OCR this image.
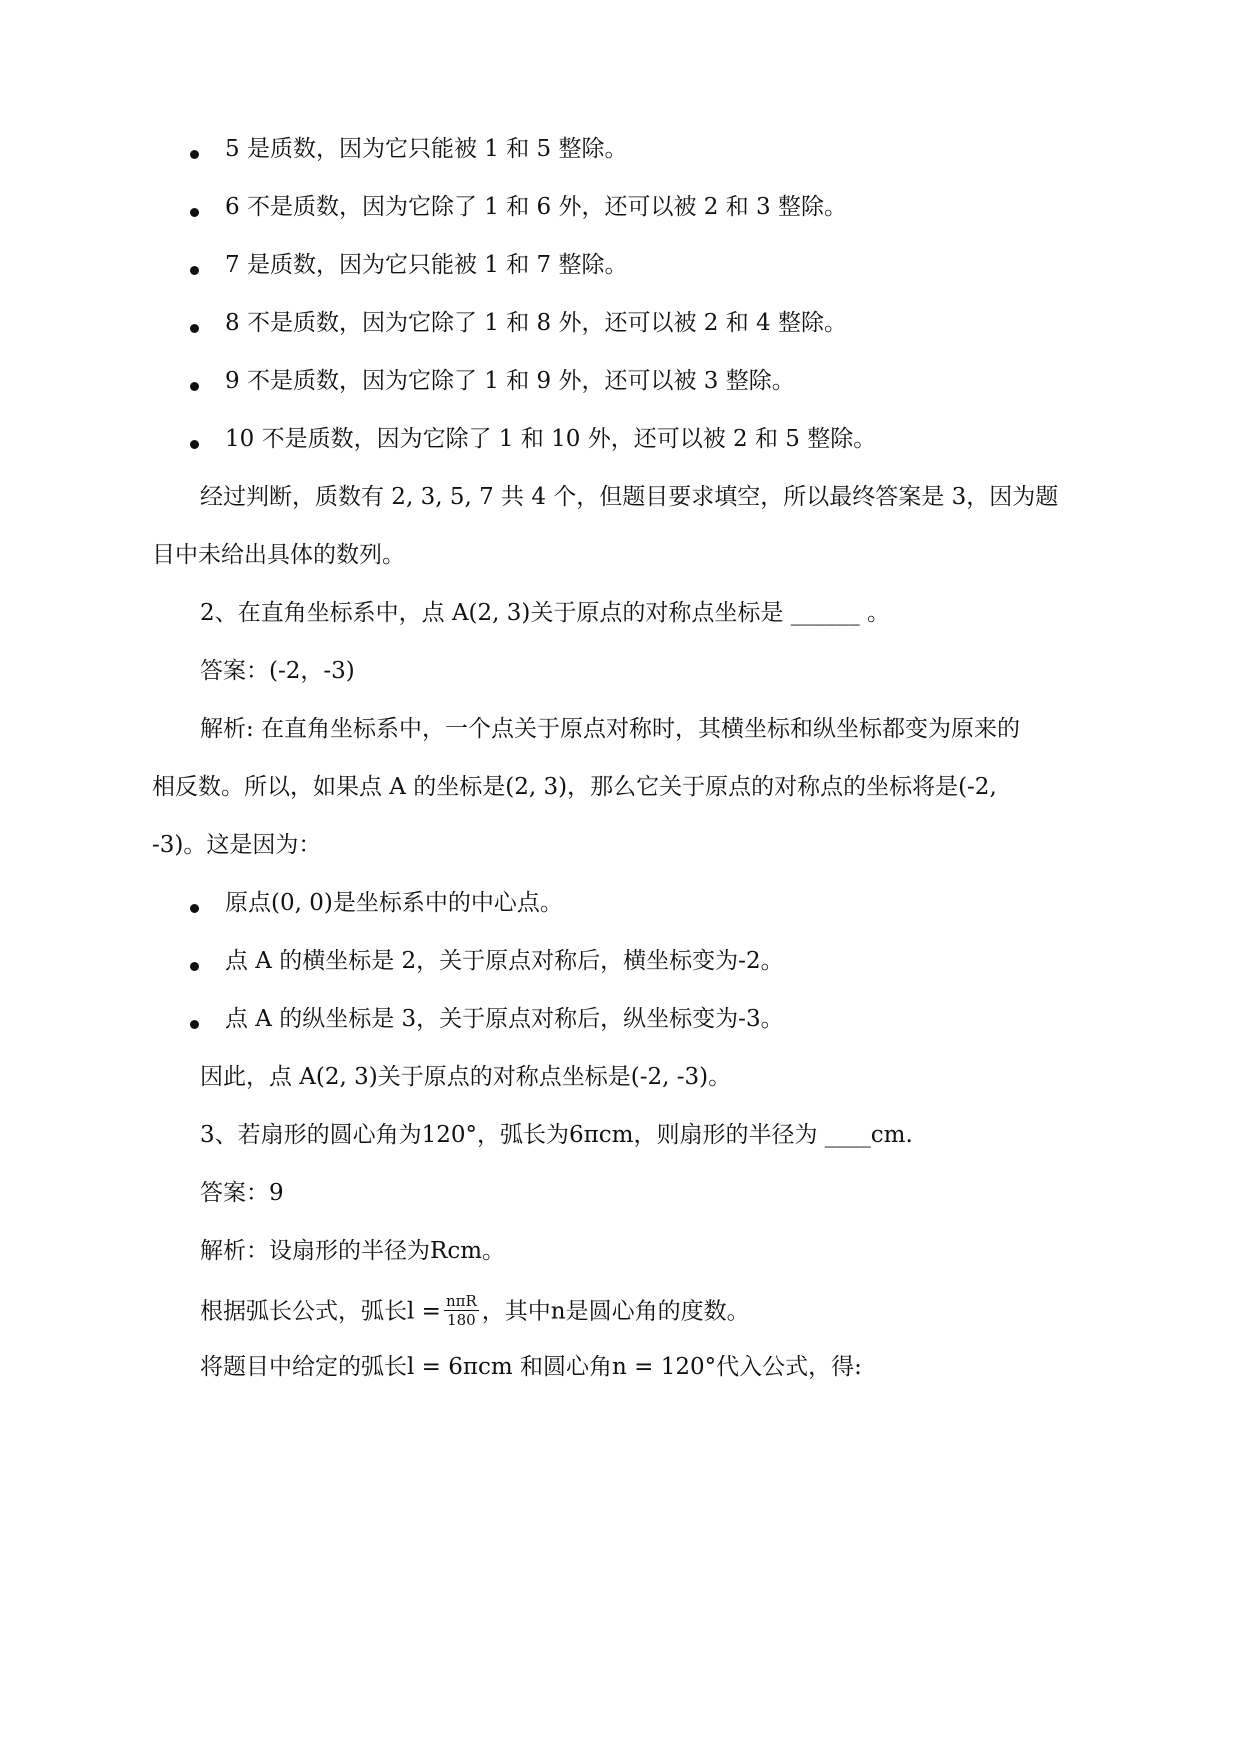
5 是质数，因为它只能被 1 和 5 整除。
6 不是质数，因为它除了 1 和 6 外，还可以被 2 和 3 整除。
7 是质数，因为它只能被 1 和 7 整除。
8 不是质数，因为它除了 1 和 8 外，还可以被 2 和 4 整除。
9 不是质数，因为它除了 1 和 9 外，还可以被 3 整除。
10 不是质数，因为它除了 1 和 10 外，还可以被 2 和 5 整除。
经过判断，质数有 2, 3, 5, 7 共 4 个，但题目要求填空，所以最终答案是 3，因为题
目中未给出具体的数列。
2、在直角坐标系中，点 A(2, 3)关于原点的对称点坐标是 ______ 。
答案：(-2，-3)
解析: 在直角坐标系中，一个点关于原点对称时，其横坐标和纵坐标都变为原来的
相反数。所以，如果点 A 的坐标是(2, 3)，那么它关于原点的对称点的坐标将是(-2,
-3)。这是因为：
原点(0, 0)是坐标系中的中心点。
点 A 的横坐标是 2，关于原点对称后，横坐标变为-2。
点 A 的纵坐标是 3，关于原点对称后，纵坐标变为-3。
因此，点 A(2, 3)关于原点的对称点坐标是(-2, -3)。
3、若扇形的圆心角为120°，弧长为6πcm，则扇形的半径为 ____cm.
答案：9
解析：设扇形的半径为Rcm。
根据弧长公式，弧长$l = \frac{\text{nπR}}{180}$ ，其中n是圆心角的度数。
将题目中给定的弧长l = 6πcm 和圆心角n = 120°代入公式，得:
